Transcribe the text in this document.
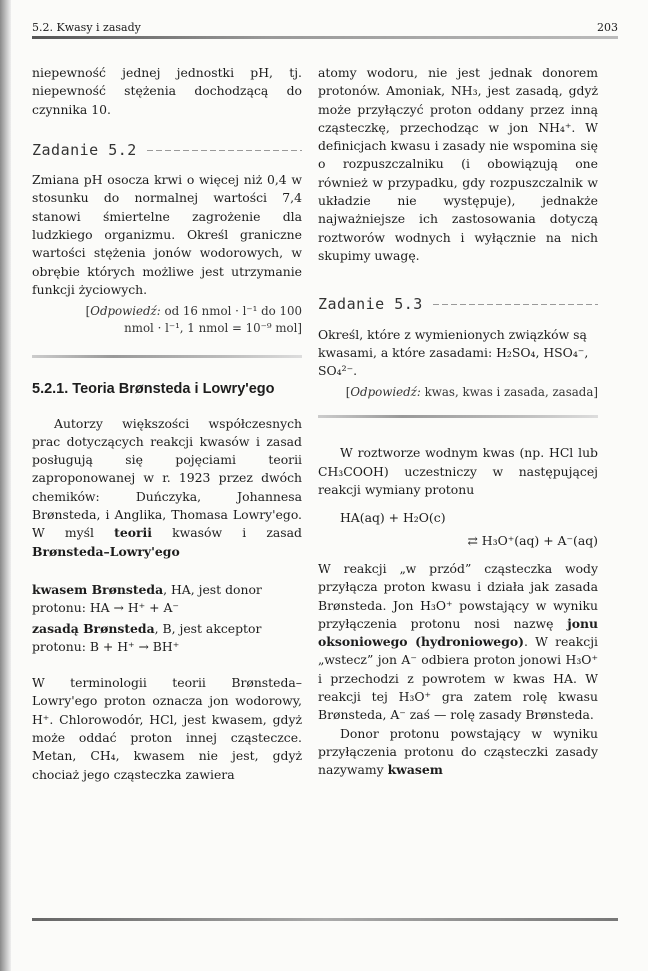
5.2. Kwasy i zasady	203

niepewność jednej jednostki pH, tj. niepewność stężenia dochodzącą do czynnika 10.

Zadanie 5.2

Zmiana pH osocza krwi o więcej niż 0,4 w stosunku do normalnej wartości 7,4 stanowi śmiertelne zagrożenie dla ludzkiego organizmu. Określ graniczne wartości stężenia jonów wodorowych, w obrębie których możliwe jest utrzymanie funkcji życiowych.

[Odpowiedź: od 16 nmol · l⁻¹ do 100
nmol · l⁻¹, 1 nmol = 10⁻⁹ mol]
5.2.1. Teoria Brønsteda i Lowry'ego

Autorzy większości współczesnych prac dotyczących reakcji kwasów i zasad posługują się pojęciami teorii zaproponowanej w r. 1923 przez dwóch chemików: Duńczyka, Johannesa Brønsteda, i Anglika, Thomasa Lowry'ego. W myśl teorii kwasów i zasad Brønsteda–Lowry'ego

kwasem Brønsteda, HA, jest donor protonu: HA → H⁺ + A⁻

zasadą Brønsteda, B, jest akceptor protonu: B + H⁺ → BH⁺

W terminologii teorii Brønsteda–Lowry'ego proton oznacza jon wodorowy, H⁺. Chlorowodór, HCl, jest kwasem, gdyż może oddać proton innej cząsteczce. Metan, CH₄, kwasem nie jest, gdyż chociaż jego cząsteczka zawiera

atomy wodoru, nie jest jednak donorem protonów. Amoniak, NH₃, jest zasadą, gdyż może przyłączyć proton oddany przez inną cząsteczkę, przechodząc w jon NH₄⁺. W definicjach kwasu i zasady nie wspomina się o rozpuszczalniku (i obowiązują one również w przypadku, gdy rozpuszczalnik w układzie nie występuje), jednakże najważniejsze ich zastosowania dotyczą roztworów wodnych i wyłącznie na nich skupimy uwagę.

Zadanie 5.3

Określ, które z wymienionych związków są kwasami, a które zasadami: H₂SO₄, HSO₄⁻, SO₄²⁻.

[Odpowiedź: kwas, kwas i zasada, zasada]

W roztworze wodnym kwas (np. HCl lub CH₃COOH) uczestniczy w następującej reakcji wymiany protonu

HA(aq) + H₂O(c)
⇄ H₃O⁺(aq) + A⁻(aq)

W reakcji „w przód” cząsteczka wody przyłącza proton kwasu i działa jak zasada Brønsteda. Jon H₃O⁺ powstający w wyniku przyłączenia protonu nosi nazwę jonu oksoniowego (hydroniowego). W reakcji „wstecz” jon A⁻ odbiera proton jonowi H₃O⁺ i przechodzi z powrotem w kwas HA. W reakcji tej H₃O⁺ gra zatem rolę kwasu Brønsteda, A⁻ zaś — rolę zasady Brønsteda.

Donor protonu powstający w wyniku przyłączenia protonu do cząsteczki zasady nazywamy kwasem
